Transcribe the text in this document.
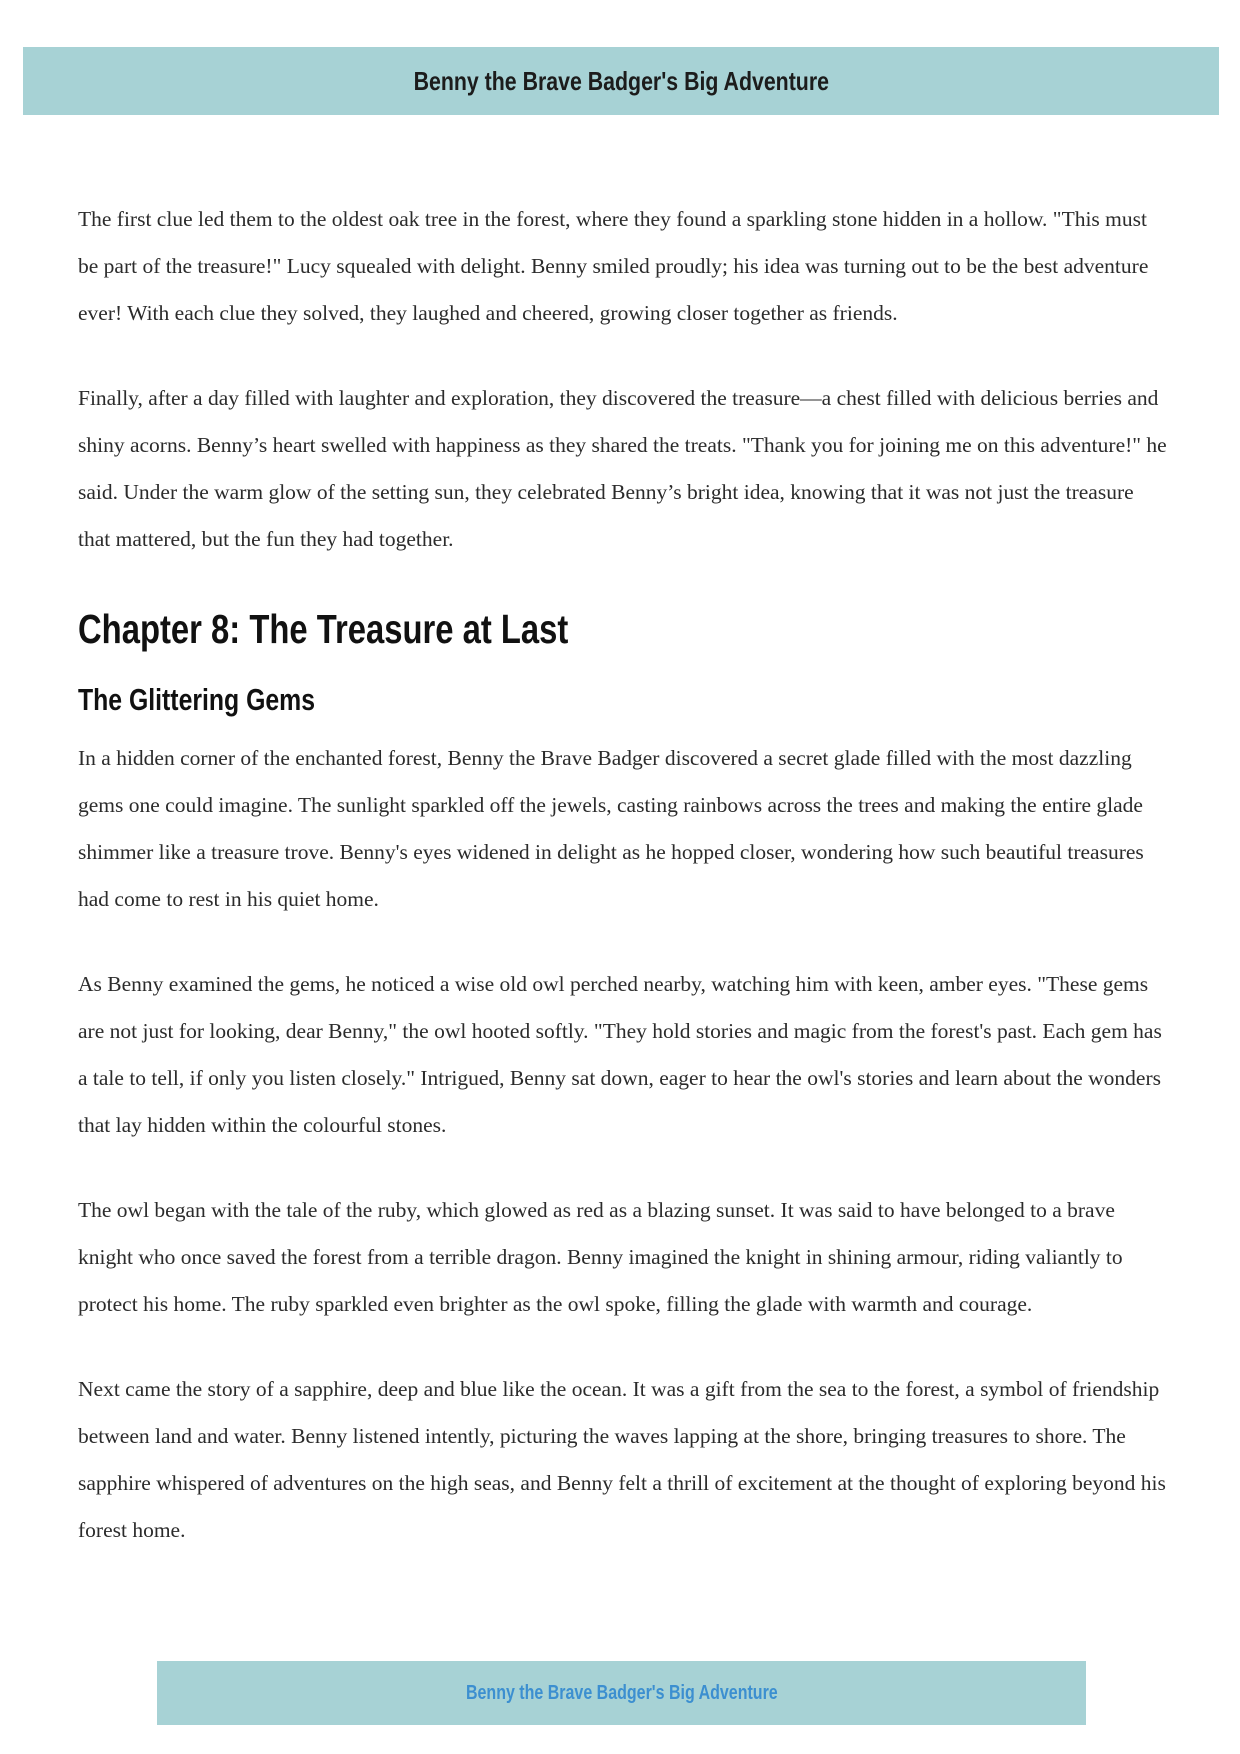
Benny the Brave Badger's Big Adventure

The first clue led them to the oldest oak tree in the forest, where they found a sparkling stone hidden in a hollow. "This must be part of the treasure!" Lucy squealed with delight. Benny smiled proudly; his idea was turning out to be the best adventure ever! With each clue they solved, they laughed and cheered, growing closer together as friends.

Finally, after a day filled with laughter and exploration, they discovered the treasure—a chest filled with delicious berries and shiny acorns. Benny’s heart swelled with happiness as they shared the treats. "Thank you for joining me on this adventure!" he said. Under the warm glow of the setting sun, they celebrated Benny’s bright idea, knowing that it was not just the treasure that mattered, but the fun they had together.

Chapter 8: The Treasure at Last
The Glittering Gems

In a hidden corner of the enchanted forest, Benny the Brave Badger discovered a secret glade filled with the most dazzling gems one could imagine. The sunlight sparkled off the jewels, casting rainbows across the trees and making the entire glade shimmer like a treasure trove. Benny's eyes widened in delight as he hopped closer, wondering how such beautiful treasures had come to rest in his quiet home.

As Benny examined the gems, he noticed a wise old owl perched nearby, watching him with keen, amber eyes. "These gems are not just for looking, dear Benny," the owl hooted softly. "They hold stories and magic from the forest's past. Each gem has a tale to tell, if only you listen closely." Intrigued, Benny sat down, eager to hear the owl's stories and learn about the wonders that lay hidden within the colourful stones.

The owl began with the tale of the ruby, which glowed as red as a blazing sunset. It was said to have belonged to a brave knight who once saved the forest from a terrible dragon. Benny imagined the knight in shining armour, riding valiantly to protect his home. The ruby sparkled even brighter as the owl spoke, filling the glade with warmth and courage.

Next came the story of a sapphire, deep and blue like the ocean. It was a gift from the sea to the forest, a symbol of friendship between land and water. Benny listened intently, picturing the waves lapping at the shore, bringing treasures to shore. The sapphire whispered of adventures on the high seas, and Benny felt a thrill of excitement at the thought of exploring beyond his forest home.

Benny the Brave Badger's Big Adventure
